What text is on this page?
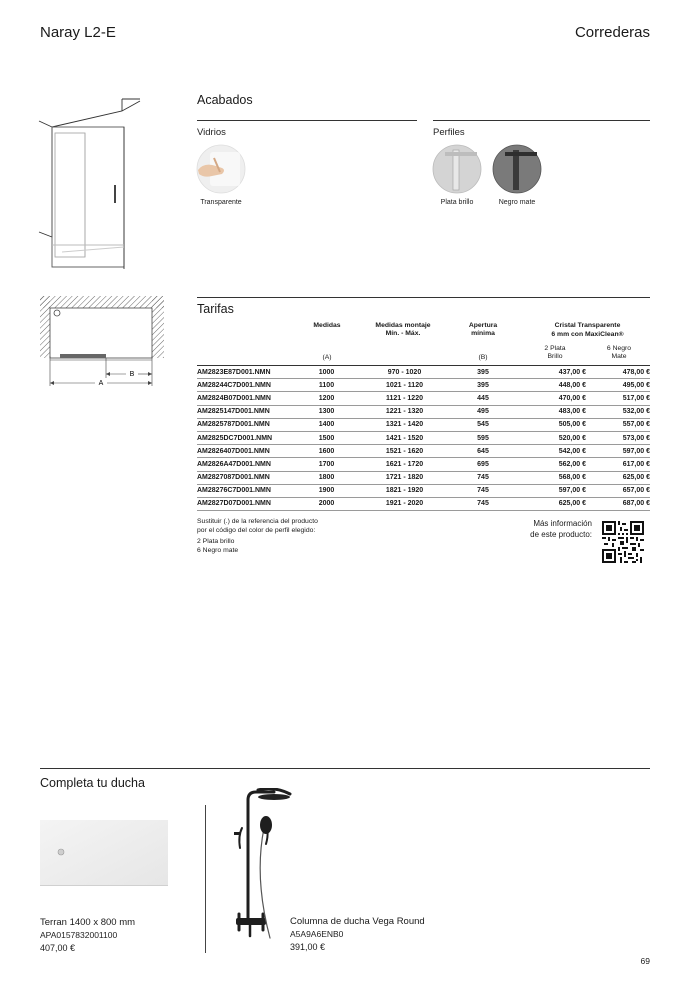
Naray L2-E	Correderas
B
A
Acabados
Vidrios	Perfiles
Transparente	Plata brillo	Negro mate
Tarifas
Medidas	Medidas montaje
Mín. - Máx.
Apertura
mínima
Cristal Transparente
6 mm con MaxiClean®
(A)	(B)
2 Plata
Brillo
6 Negro
Mate
AM2823E87D001.NMN	1000	970 - 1020	395	437,00 €	478,00 €
AM28244C7D001.NMN	1100	1021 - 1120	395	448,00 €	495,00 €
AM2824B07D001.NMN	1200	1121 - 1220	445	470,00 €	517,00 €
AM2825147D001.NMN	1300	1221 - 1320	495	483,00 €	532,00 €
AM2825787D001.NMN	1400	1321 - 1420	545	505,00 €	557,00 €
AM2825DC7D001.NMN	1500	1421 - 1520	595	520,00 €	573,00 €
AM2826407D001.NMN	1600	1521 - 1620	645	542,00 €	597,00 €
AM2826A47D001.NMN	1700	1621 - 1720	695	562,00 €	617,00 €
AM2827087D001.NMN	1800	1721 - 1820	745	568,00 €	625,00 €
AM28276C7D001.NMN	1900	1821 - 1920	745	597,00 €	657,00 €
AM2827D07D001.NMN	2000	1921 - 2020	745	625,00 €	687,00 €
Sustituir (.) de la referencia del producto
por el código del color de perfil elegido:
2 Plata brillo
6 Negro mate
Más información
de este producto:
Completa tu ducha
Terran 1400 x 800 mm
APA0157832001100
407,00 €
Columna de ducha Vega Round
A5A9A6ENB0
391,00 €
69
